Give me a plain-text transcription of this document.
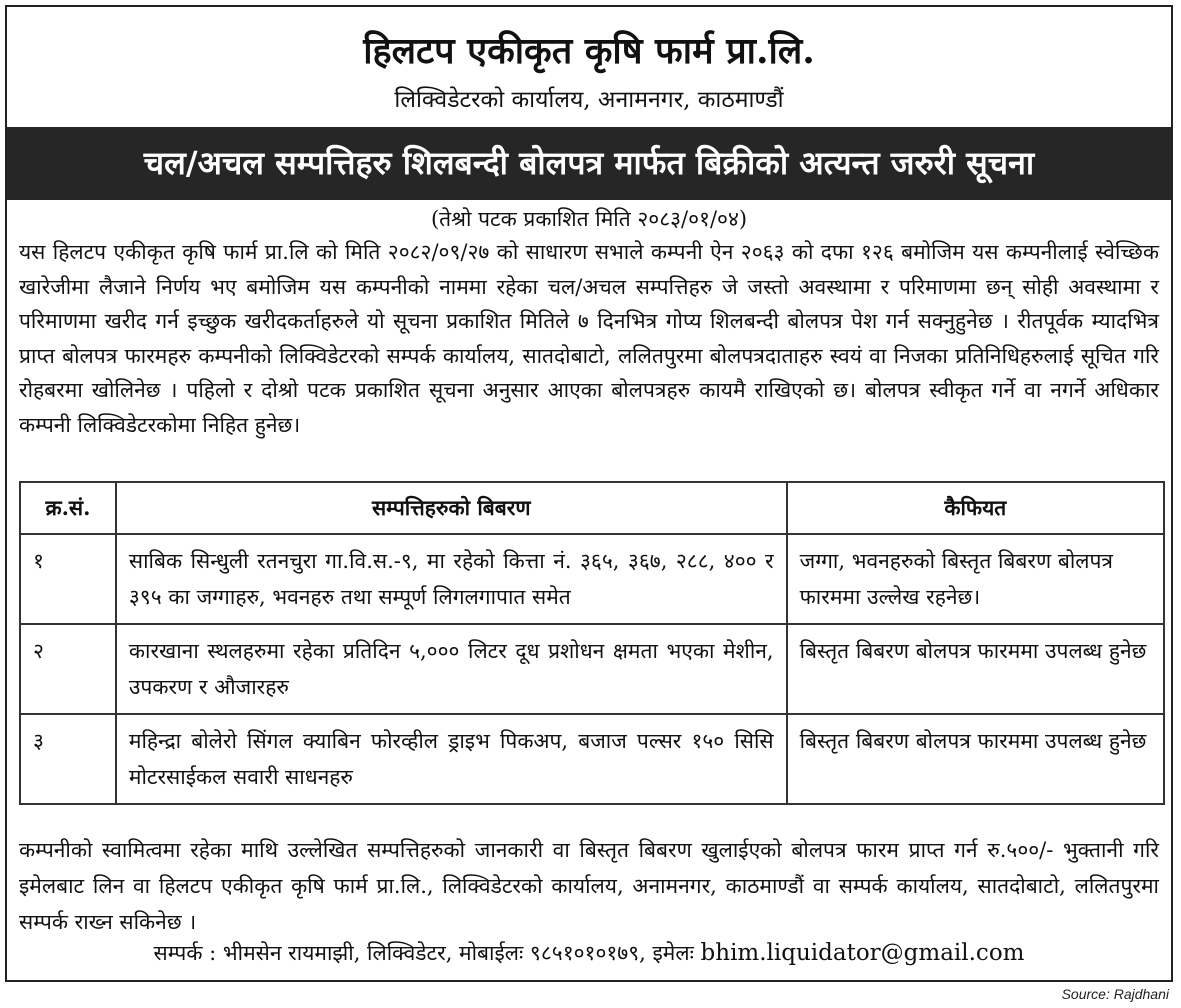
हिलटप एकीकृत कृषि फार्म प्रा.लि.
लिक्विडेटरको कार्यालय, अनामनगर, काठमाण्डौं
चल/अचल सम्पत्तिहरु शिलबन्दी बोलपत्र मार्फत बिक्रीको अत्यन्त जरुरी सूचना
(तेश्रो पटक प्रकाशित मिति २०८३/०१/०४)
यस हिलटप एकीकृत कृषि फार्म प्रा.लि को मिति २०८२/०९/२७ को साधारण सभाले कम्पनी ऐन २०६३ को दफा १२६ बमोजिम यस कम्पनीलाई स्वेच्छिक खारेजीमा लैजाने निर्णय भए बमोजिम यस कम्पनीको नाममा रहेका चल/अचल सम्पत्तिहरु जे जस्तो अवस्थामा र परिमाणमा छन् सोही अवस्थामा र परिमाणमा खरीद गर्न इच्छुक खरीदकर्ताहरुले यो सूचना प्रकाशित मितिले ७ दिनभित्र गोप्य शिलबन्दी बोलपत्र पेश गर्न सक्नुहुनेछ । रीतपूर्वक म्यादभित्र प्राप्त बोलपत्र फारमहरु कम्पनीको लिक्विडेटरको सम्पर्क कार्यालय, सातदोबाटो, ललितपुरमा बोलपत्रदाताहरु स्वयं वा निजका प्रतिनिधिहरुलाई सूचित गरि रोहबरमा खोलिनेछ । पहिलो र दोश्रो पटक प्रकाशित सूचना अनुसार आएका बोलपत्रहरु कायमै राखिएको छ। बोलपत्र स्वीकृत गर्ने वा नगर्ने अधिकार कम्पनी लिक्विडेटरकोमा निहित हुनेछ।
क्र.सं.	सम्पत्तिहरुको बिबरण	कैफियत
१	साबिक सिन्धुली रतनचुरा गा.वि.स.-९, मा रहेको कित्ता नं. ३६५, ३६७, २८८, ४०० र ३९५ का जग्गाहरु, भवनहरु तथा सम्पूर्ण लिगलगापात समेत	जग्गा, भवनहरुको बिस्तृत बिबरण बोलपत्र फारममा उल्लेख रहनेछ।
२	कारखाना स्थलहरुमा रहेका प्रतिदिन ५,००० लिटर दूध प्रशोधन क्षमता भएका मेशीन, उपकरण र औजारहरु	बिस्तृत बिबरण बोलपत्र फारममा उपलब्ध हुनेछ
३	महिन्द्रा बोलेरो सिंगल क्याबिन फोरव्हील ड्राइभ पिकअप, बजाज पल्सर १५० सिसि मोटरसाईकल सवारी साधनहरु	बिस्तृत बिबरण बोलपत्र फारममा उपलब्ध हुनेछ
कम्पनीको स्वामित्वमा रहेका माथि उल्लेखित सम्पत्तिहरुको जानकारी वा बिस्तृत बिबरण खुलाईएको बोलपत्र फारम प्राप्त गर्न रु.५००/- भुक्तानी गरि इमेलबाट लिन वा हिलटप एकीकृत कृषि फार्म प्रा.लि., लिक्विडेटरको कार्यालय, अनामनगर, काठमाण्डौं वा सम्पर्क कार्यालय, सातदोबाटो, ललितपुरमा सम्पर्क राख्न सकिनेछ ।
सम्पर्क : भीमसेन रायमाझी, लिक्विडेटर, मोबाईलः ९८५१०१०१७९, इमेलः bhim.liquidator@gmail.com
Source: Rajdhani
